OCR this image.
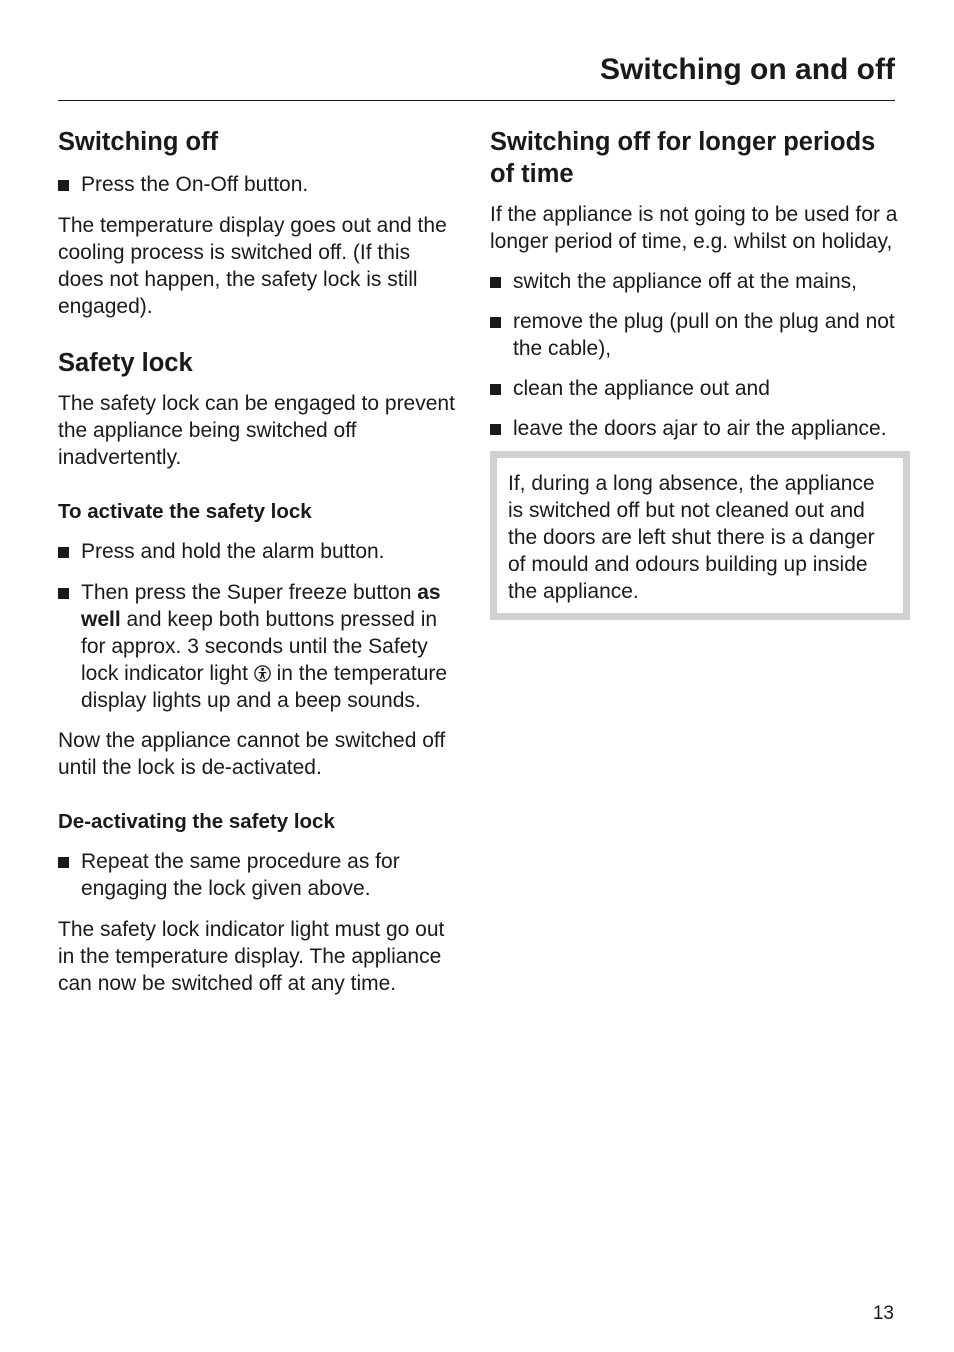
Switching on and off
Switching off
Press the On-Off button.

The temperature display goes out and the cooling process is switched off. (If this does not happen, the safety lock is still engaged).

Safety lock

The safety lock can be engaged to prevent the appliance being switched off inadvertently.

To activate the safety lock
Press and hold the alarm button.
Then press the Super freeze button as well and keep both buttons pressed in for approx. 3 seconds until the Safety lock indicator light in the temperature display lights up and a beep sounds.

Now the appliance cannot be switched off until the lock is de-activated.

De-activating the safety lock
Repeat the same procedure as for engaging the lock given above.

The safety lock indicator light must go out in the temperature display. The appliance can now be switched off at any time.

Switching off for longer periods of time

If the appliance is not going to be used for a longer period of time, e.g. whilst on holiday,

switch the appliance off at the mains,
remove the plug (pull on the plug and not the cable),
clean the appliance out and
leave the doors ajar to air the appliance.

If, during a long absence, the appliance is switched off but not cleaned out and the doors are left shut there is a danger of mould and odours building up inside the appliance.

13
